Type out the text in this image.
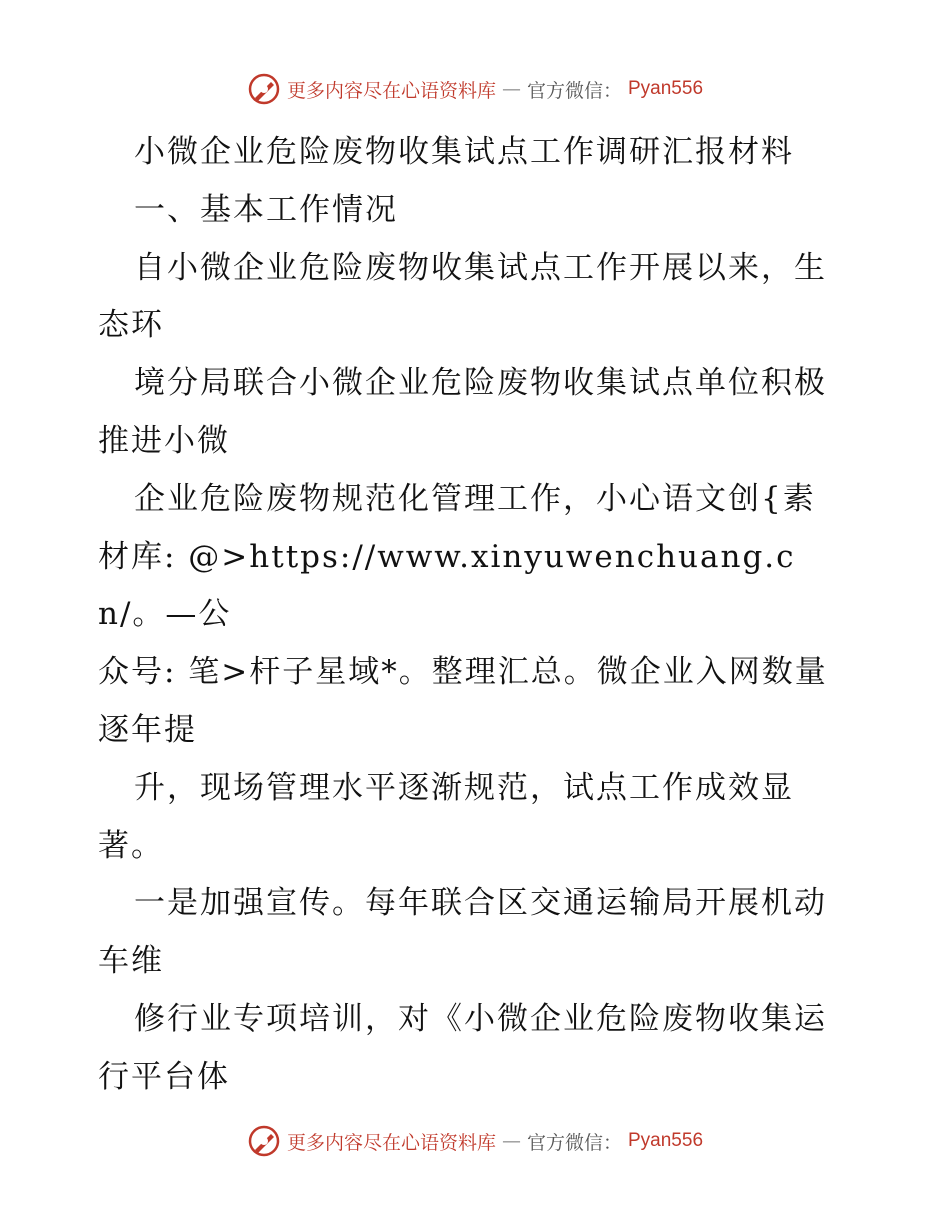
更多内容尽在心语资料库 — 官方微信： Pyan556

小微企业危险废物收集试点工作调研汇报材料

一、基本工作情况

自小微企业危险废物收集试点工作开展以来，生

态环

境分局联合小微企业危险废物收集试点单位积极

推进小微

企业危险废物规范化管理工作，小心语文创{素

材库: @>https://www.xinyuwenchuang.cn/。—公

众号: 笔>杆子星域*。整理汇总。微企业入网数量

逐年提

升，现场管理水平逐渐规范，试点工作成效显

著。

一是加强宣传。每年联合区交通运输局开展机动

车维

修行业专项培训，对《小微企业危险废物收集运

行平台体

更多内容尽在心语资料库 — 官方微信： Pyan556
